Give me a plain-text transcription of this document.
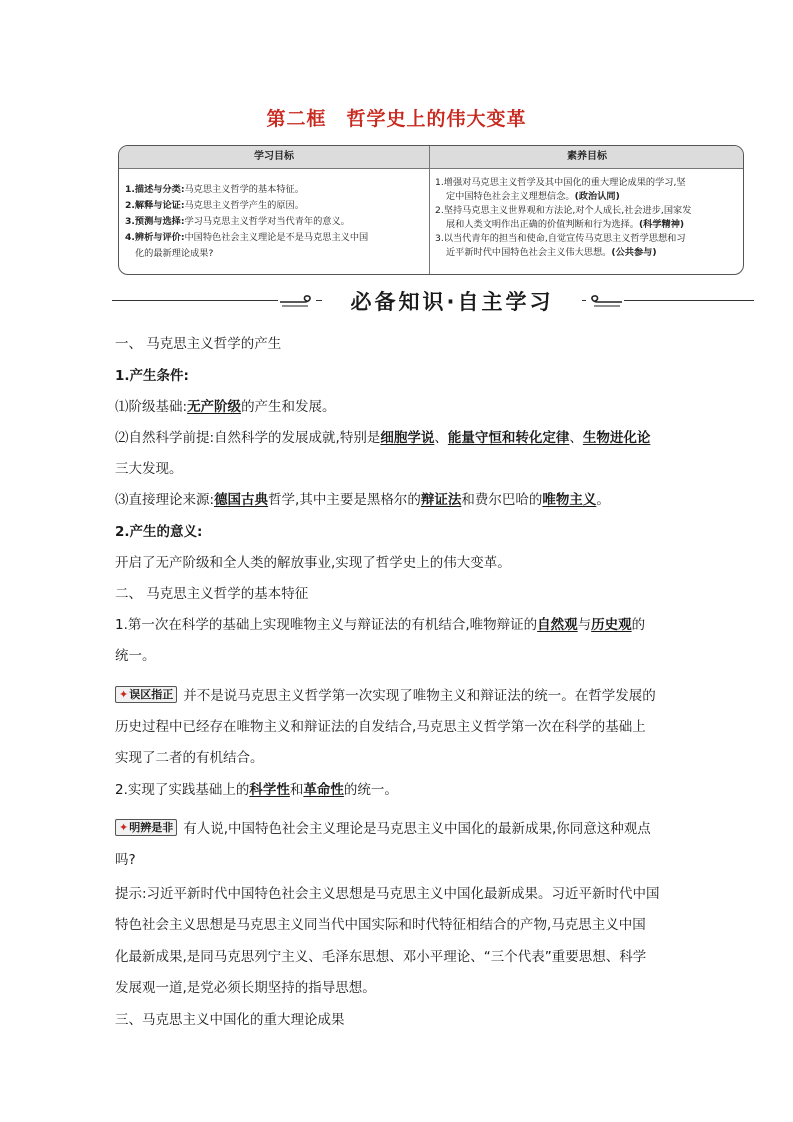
第二框　哲学史上的伟大变革
学习目标	素养目标
1.描述与分类:马克思主义哲学的基本特征。
2.解释与论证:马克思主义哲学产生的原因。
3.预测与选择:学习马克思主义哲学对当代青年的意义。
4.辨析与评价:中国特色社会主义理论是不是马克思主义中国
化的最新理论成果?
1.增强对马克思主义哲学及其中国化的重大理论成果的学习,坚
定中国特色社会主义理想信念。(政治认同)
2.坚持马克思主义世界观和方法论,对个人成长,社会进步,国家发
展和人类文明作出正确的价值判断和行为选择。(科学精神)
3.以当代青年的担当和使命,自觉宣传马克思主义哲学思想和习
近平新时代中国特色社会主义伟大思想。(公共参与)
必备知识·自主学习
一、 马克思主义哲学的产生
1.产生条件:
⑴阶级基础:无产阶级的产生和发展。
⑵自然科学前提:自然科学的发展成就,特别是细胞学说、能量守恒和转化定律、生物进化论
三大发现。
⑶直接理论来源:德国古典哲学,其中主要是黑格尔的辩证法和费尔巴哈的唯物主义。
2.产生的意义:
开启了无产阶级和全人类的解放事业,实现了哲学史上的伟大变革。
二、 马克思主义哲学的基本特征
1.第一次在科学的基础上实现唯物主义与辩证法的有机结合,唯物辩证的自然观与历史观的
统一。
✦误区指正 并不是说马克思主义哲学第一次实现了唯物主义和辩证法的统一。在哲学发展的
历史过程中已经存在唯物主义和辩证法的自发结合,马克思主义哲学第一次在科学的基础上
实现了二者的有机结合。
2.实现了实践基础上的科学性和革命性的统一。
✦明辨是非 有人说,中国特色社会主义理论是马克思主义中国化的最新成果,你同意这种观点
吗?
提示:习近平新时代中国特色社会主义思想是马克思主义中国化最新成果。习近平新时代中国
特色社会主义思想是马克思主义同当代中国实际和时代特征相结合的产物,马克思主义中国
化最新成果,是同马克思列宁主义、毛泽东思想、邓小平理论、“三个代表”重要思想、科学
发展观一道,是党必须长期坚持的指导思想。
三、马克思主义中国化的重大理论成果
